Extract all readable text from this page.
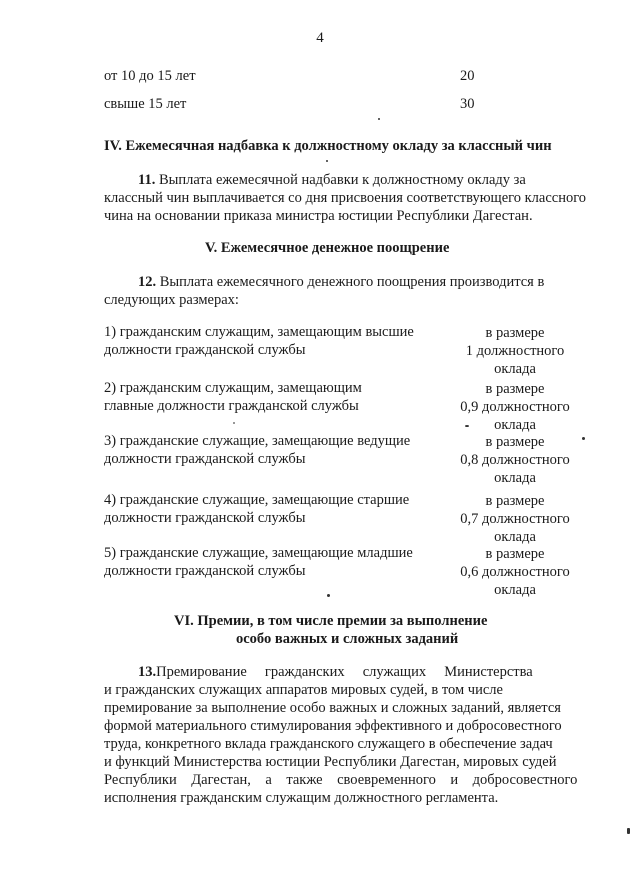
4
от 10 до 15 лет	20
свыше 15 лет	30
IV. Ежемесячная надбавка к должностному окладу за классный чин
11. Выплата ежемесячной надбавки к должностному окладу за
классный чин выплачивается со дня присвоения соответствующего классного
чина на основании приказа министра юстиции Республики Дагестан.
V. Ежемесячное денежное поощрение
12. Выплата ежемесячного денежного поощрения производится в
следующих размерах:
1) гражданским служащим, замещающим высшие
должности гражданской службы
в размере
1 должностного
оклада
2) гражданским служащим, замещающим
главные должности гражданской службы
в размере
0,9 должностного
оклада
3) гражданские служащие, замещающие ведущие
должности гражданской службы
в размере
0,8 должностного
оклада
4) гражданские служащие, замещающие старшие
должности гражданской службы
в размере
0,7 должностного
оклада
5) гражданские служащие, замещающие младшие
должности гражданской службы
в размере
0,6 должностного
оклада
VI. Премии, в том числе премии за выполнение
особо важных и сложных заданий
13.Премирование     гражданских     служащих     Министерства
и гражданских служащих аппаратов мировых судей, в том числе
премирование за выполнение особо важных и сложных заданий, является
формой материального стимулирования эффективного и добросовестного
труда, конкретного вклада гражданского служащего в обеспечение задач
и функций Министерства юстиции Республики Дагестан, мировых судей
Республики    Дагестан,    а    также    своевременного    и    добросовестного
исполнения гражданским служащим должностного регламента.
